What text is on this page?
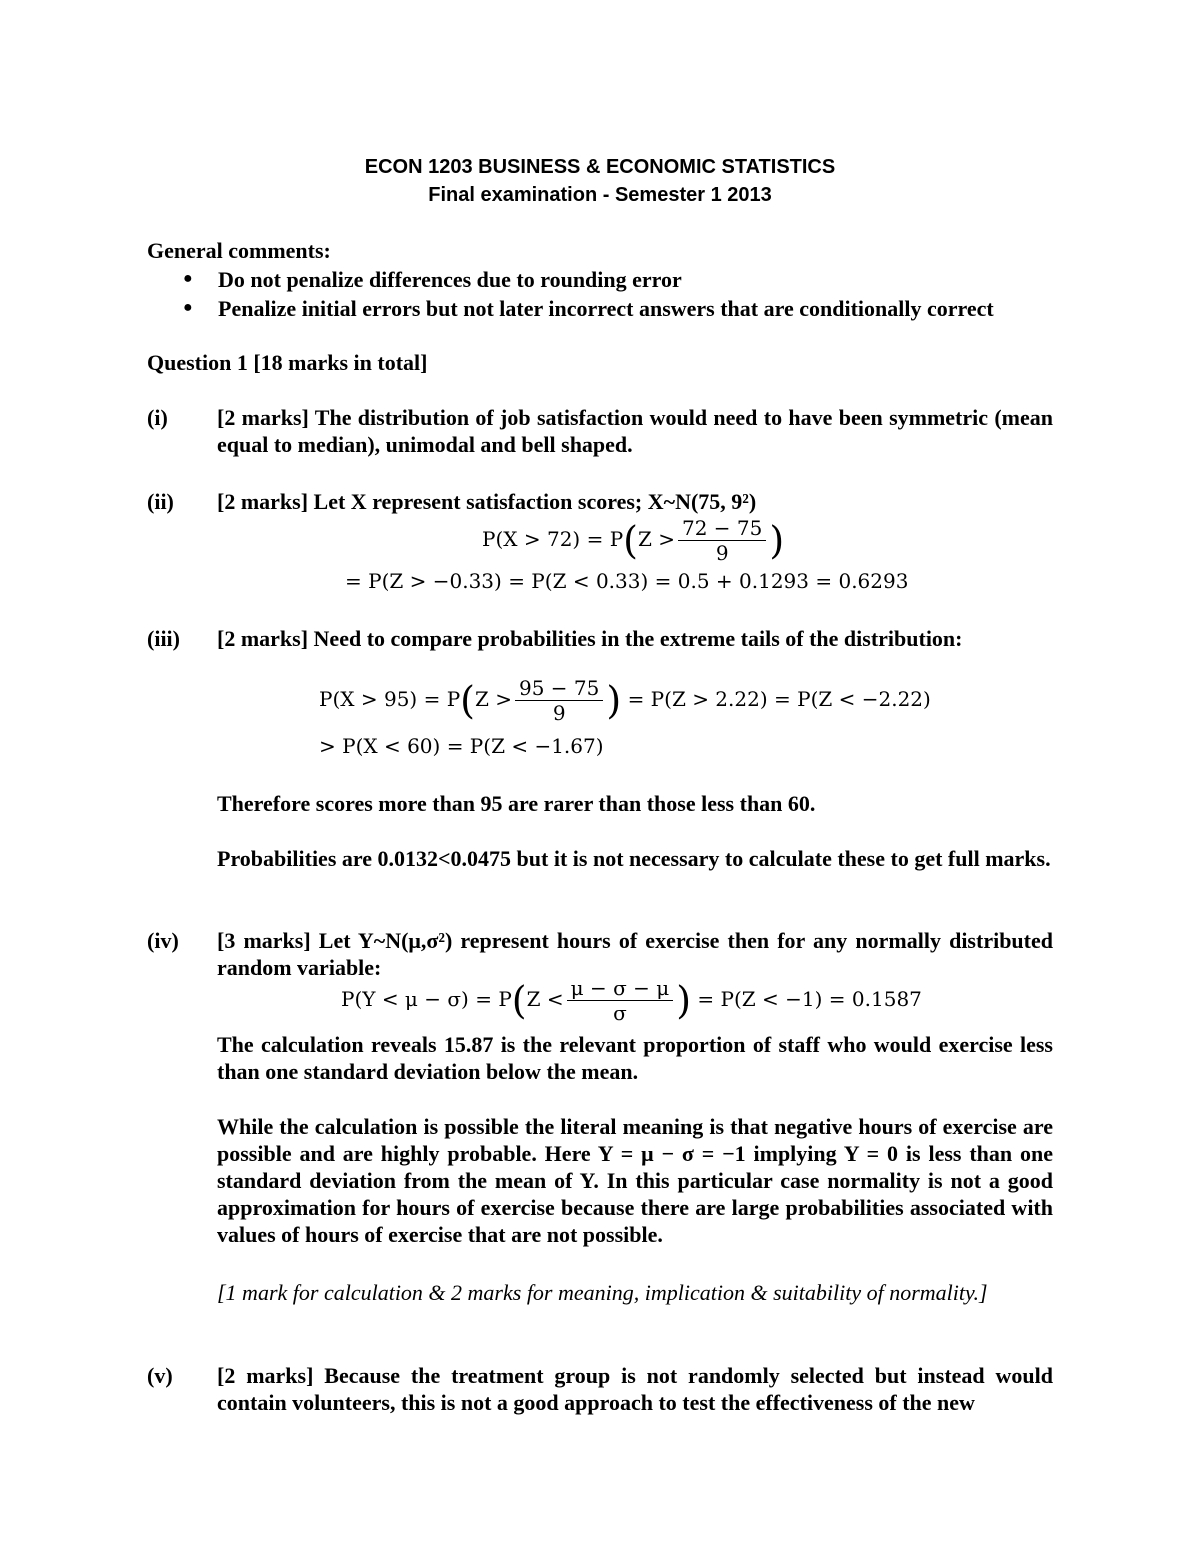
ECON 1203 BUSINESS & ECONOMIC STATISTICS
Final examination - Semester 1 2013
General comments:
● Do not penalize differences due to rounding error
● Penalize initial errors but not later incorrect answers that are conditionally correct
Question 1 [18 marks in total]
(i) [2 marks] The distribution of job satisfaction would need to have been symmetric (mean equal to median), unimodal and bell shaped.
(ii) [2 marks] Let X represent satisfaction scores; X~N(75, 9²)
$P(X > 72) = P(Z > \frac{72 - 75}{9}$ )
= P(Z > −0.33) = P(Z < 0.33) = 0.5 + 0.1293 = 0.6293
(iii) [2 marks] Need to compare probabilities in the extreme tails of the distribution:
$P(X > 95) = P(Z > \frac{95 - 75}{9}$ ) = P(Z > 2.22) = P(Z < −2.22)
> P(X < 60) = P(Z < −1.67)
Therefore scores more than 95 are rarer than those less than 60.
Probabilities are 0.0132<0.0475 but it is not necessary to calculate these to get full marks.
(iv) [3 marks] Let Y~N(μ,σ²) represent hours of exercise then for any normally distributed random variable:
$P(Y < \mu - \sigma) = P(Z < \frac{\mu - \sigma - \mu}{\sigma}$ ) = P(Z < −1) = 0.1587
The calculation reveals 15.87 is the relevant proportion of staff who would exercise less than one standard deviation below the mean.
While the calculation is possible the literal meaning is that negative hours of exercise are possible and are highly probable. Here Y = μ − σ = −1 implying Y = 0 is less than one standard deviation from the mean of Y. In this particular case normality is not a good approximation for hours of exercise because there are large probabilities associated with values of hours of exercise that are not possible.
[1 mark for calculation & 2 marks for meaning, implication & suitability of normality.]
(v) [2 marks] Because the treatment group is not randomly selected but instead would contain volunteers, this is not a good approach to test the effectiveness of the new
